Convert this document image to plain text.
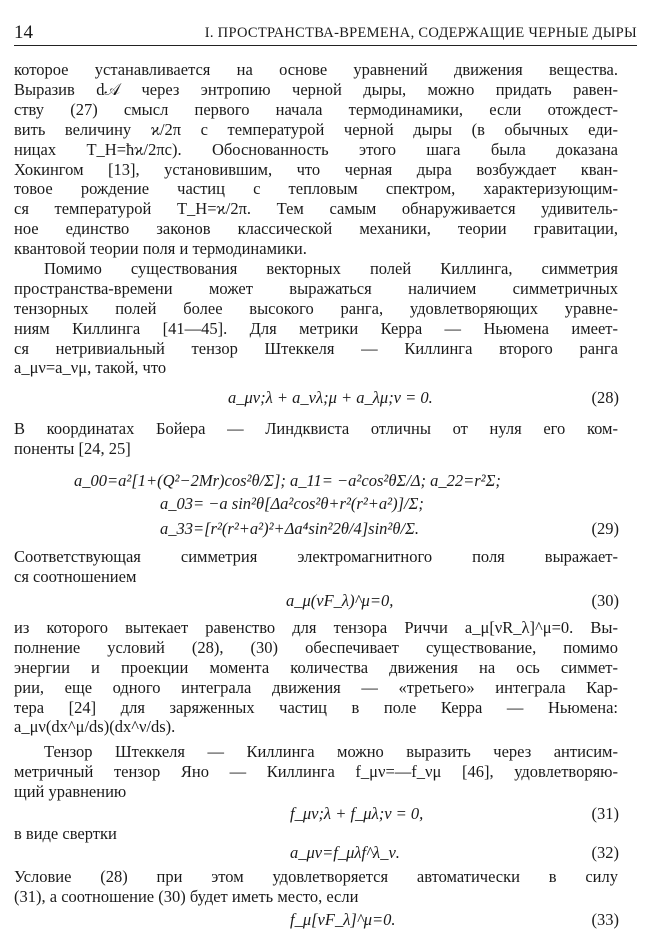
14	I. ПРОСТРАНСТВА-ВРЕМЕНА, СОДЕРЖАЩИЕ ЧЕРНЫЕ ДЫРЫ
которое устанавливается на основе уравнений движения вещества.
Выразив d𝒜 через энтропию черной дыры, можно придать равен-
ству (27) смысл первого начала термодинамики, если отождест-
вить величину ϰ/2π с температурой черной дыры (в обычных еди-
ницах T_H=ħϰ/2πc). Обоснованность этого шага была доказана
Хокингом [13], установившим, что черная дыра возбуждает кван-
товое рождение частиц с тепловым спектром, характеризующим-
ся температурой T_H=ϰ/2π. Тем самым обнаруживается удивитель-
ное единство законов классической механики, теории гравитации,
квантовой теории поля и термодинамики.
Помимо существования векторных полей Киллинга, симметрия
пространства-времени может выражаться наличием симметричных
тензорных полей более высокого ранга, удовлетворяющих уравне-
ниям Киллинга [41—45]. Для метрики Керра — Ньюмена имеет-
ся нетривиальный тензор Штеккеля — Киллинга второго ранга
a_μν=a_νμ, такой, что
a_μν;λ + a_νλ;μ + a_λμ;ν = 0.	(28)
В координатах Бойера — Линдквиста отличны от нуля его ком-
поненты [24, 25]
a_00=a²[1+(Q²−2Mr)cos²θ/Σ]; a_11= −a²cos²θΣ/Δ; a_22=r²Σ;
a_03= −a sin²θ[Δa²cos²θ+r²(r²+a²)]/Σ;
a_33=[r²(r²+a²)²+Δa⁴sin²2θ/4]sin²θ/Σ.	(29)
Соответствующая симметрия электромагнитного поля выражает-
ся соотношением
a_μ(νF_λ)^μ=0,	(30)
из которого вытекает равенство для тензора Риччи a_μ[νR_λ]^μ=0. Вы-
полнение условий (28), (30) обеспечивает существование, помимо
энергии и проекции момента количества движения на ось симмет-
рии, еще одного интеграла движения — «третьего» интеграла Кар-
тера [24] для заряженных частиц в поле Керра — Ньюмена:
a_μν(dx^μ/ds)(dx^ν/ds).
Тензор Штеккеля — Киллинга можно выразить через антисим-
метричный тензор Яно — Киллинга f_μν=—f_νμ [46], удовлетворяю-
щий уравнению
f_μν;λ + f_μλ;ν = 0,	(31)
в виде свертки
a_μν=f_μλf^λ_ν.	(32)
Условие (28) при этом удовлетворяется автоматически в силу
(31), а соотношение (30) будет иметь место, если
f_μ[νF_λ]^μ=0.	(33)
